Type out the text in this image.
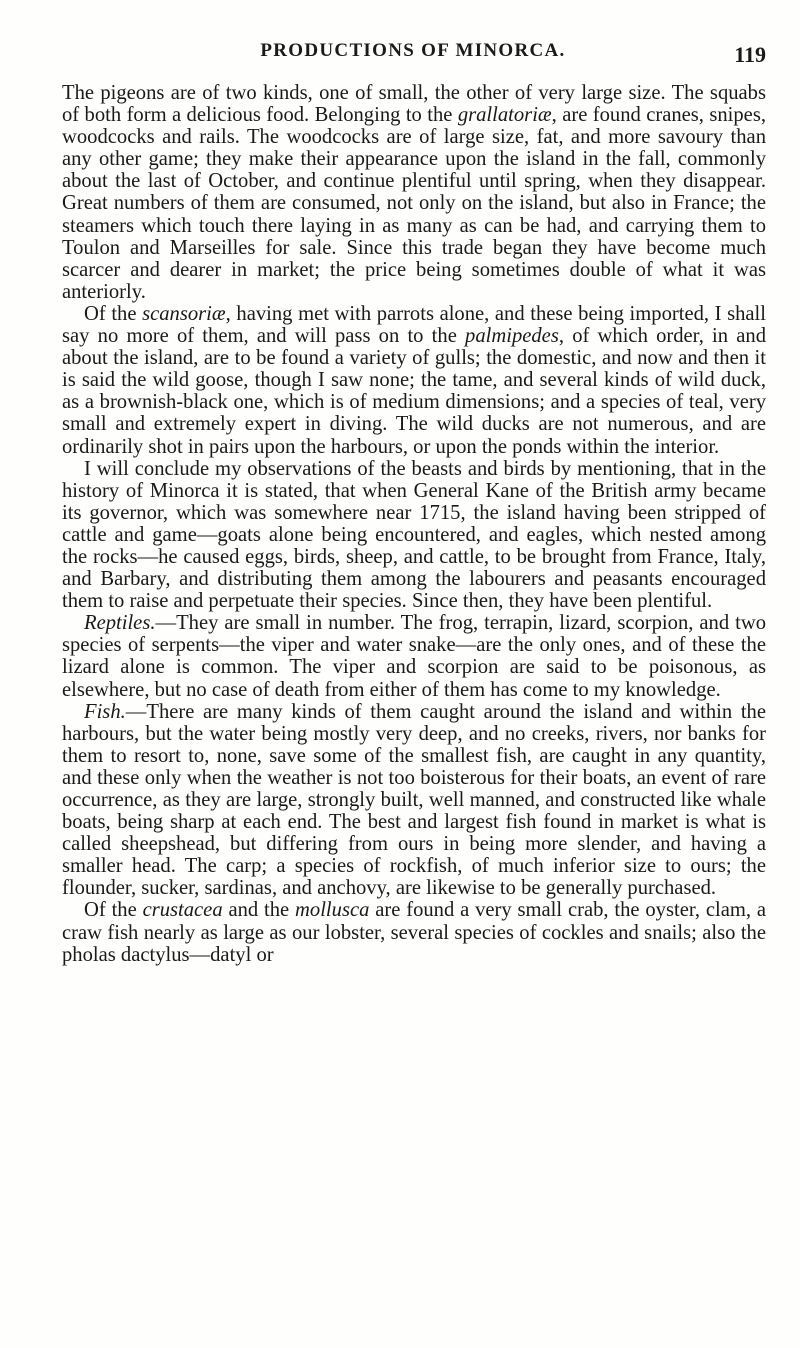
PRODUCTIONS OF MINORCA.	119

The pigeons are of two kinds, one of small, the other of very large size. The squabs of both form a delicious food. Belonging to the grallatoriæ, are found cranes, snipes, woodcocks and rails. The woodcocks are of large size, fat, and more savoury than any other game; they make their appearance upon the island in the fall, commonly about the last of October, and continue plentiful until spring, when they disappear. Great numbers of them are consumed, not only on the island, but also in France; the steamers which touch there laying in as many as can be had, and carrying them to Toulon and Marseilles for sale. Since this trade began they have become much scarcer and dearer in market; the price being sometimes double of what it was anteriorly.

Of the scansoriæ, having met with parrots alone, and these being imported, I shall say no more of them, and will pass on to the palmipedes, of which order, in and about the island, are to be found a variety of gulls; the domestic, and now and then it is said the wild goose, though I saw none; the tame, and several kinds of wild duck, as a brownish-black one, which is of medium dimensions; and a species of teal, very small and extremely expert in diving. The wild ducks are not numerous, and are ordinarily shot in pairs upon the harbours, or upon the ponds within the interior.

I will conclude my observations of the beasts and birds by mentioning, that in the history of Minorca it is stated, that when General Kane of the British army became its governor, which was somewhere near 1715, the island having been stripped of cattle and game—goats alone being encountered, and eagles, which nested among the rocks—he caused eggs, birds, sheep, and cattle, to be brought from France, Italy, and Barbary, and distributing them among the labourers and peasants encouraged them to raise and perpetuate their species. Since then, they have been plentiful.

Reptiles.—They are small in number. The frog, terrapin, lizard, scorpion, and two species of serpents—the viper and water snake—are the only ones, and of these the lizard alone is common. The viper and scorpion are said to be poisonous, as elsewhere, but no case of death from either of them has come to my knowledge.

Fish.—There are many kinds of them caught around the island and within the harbours, but the water being mostly very deep, and no creeks, rivers, nor banks for them to resort to, none, save some of the smallest fish, are caught in any quantity, and these only when the weather is not too boisterous for their boats, an event of rare occurrence, as they are large, strongly built, well manned, and constructed like whale boats, being sharp at each end. The best and largest fish found in market is what is called sheepshead, but differing from ours in being more slender, and having a smaller head. The carp; a species of rockfish, of much inferior size to ours; the flounder, sucker, sardinas, and anchovy, are likewise to be generally purchased.

Of the crustacea and the mollusca are found a very small crab, the oyster, clam, a craw fish nearly as large as our lobster, several species of cockles and snails; also the pholas dactylus—datyl or
